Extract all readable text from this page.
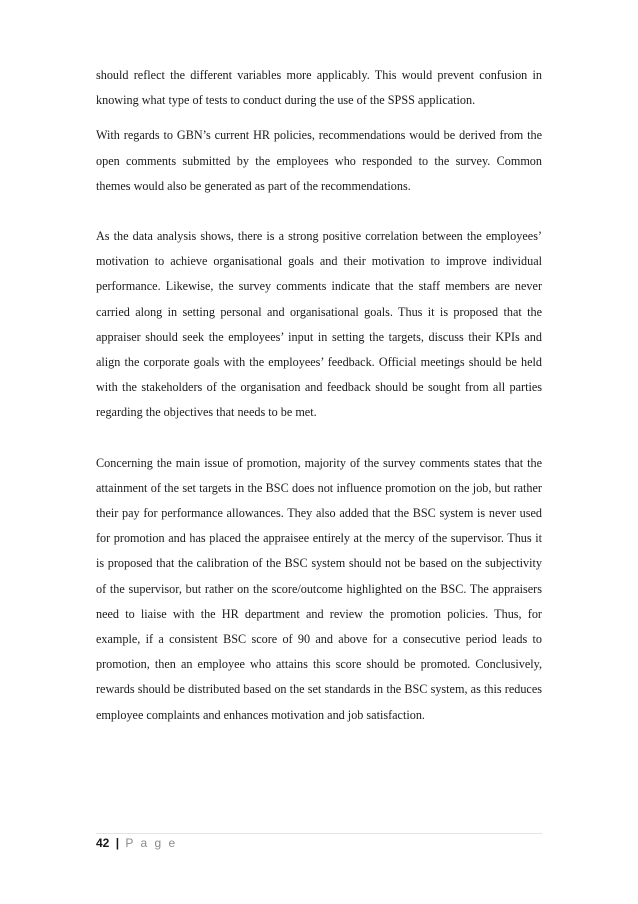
should reflect the different variables more applicably. This would prevent confusion in knowing what type of tests to conduct during the use of the SPSS application.

With regards to GBN’s current HR policies, recommendations would be derived from the open comments submitted by the employees who responded to the survey. Common themes would also be generated as part of the recommendations.

As the data analysis shows, there is a strong positive correlation between the employees’ motivation to achieve organisational goals and their motivation to improve individual performance. Likewise, the survey comments indicate that the staff members are never carried along in setting personal and organisational goals. Thus it is proposed that the appraiser should seek the employees’ input in setting the targets, discuss their KPIs and align the corporate goals with the employees’ feedback. Official meetings should be held with the stakeholders of the organisation and feedback should be sought from all parties regarding the objectives that needs to be met.

Concerning the main issue of promotion, majority of the survey comments states that the attainment of the set targets in the BSC does not influence promotion on the job, but rather their pay for performance allowances. They also added that the BSC system is never used for promotion and has placed the appraisee entirely at the mercy of the supervisor. Thus it is proposed that the calibration of the BSC system should not be based on the subjectivity of the supervisor, but rather on the score/outcome highlighted on the BSC. The appraisers need to liaise with the HR department and review the promotion policies. Thus, for example, if a consistent BSC score of 90 and above for a consecutive period leads to promotion, then an employee who attains this score should be promoted. Conclusively, rewards should be distributed based on the set standards in the BSC system, as this reduces employee complaints and enhances motivation and job satisfaction.

42 | P a g e
